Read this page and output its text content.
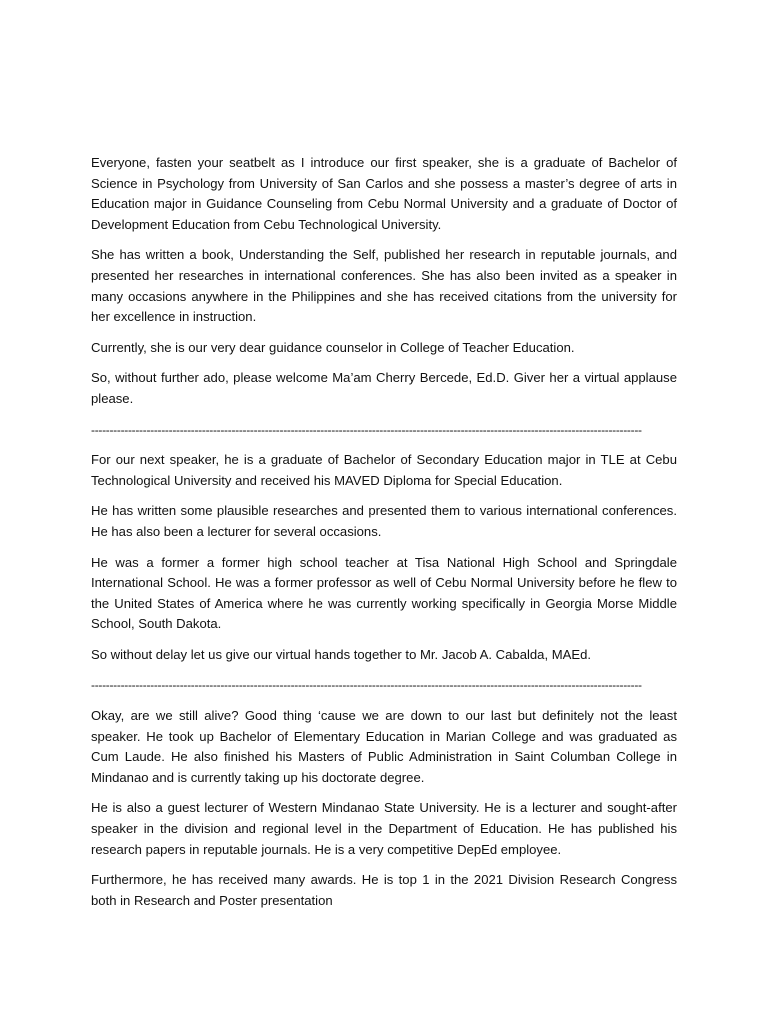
Everyone, fasten your seatbelt as I introduce our first speaker, she is a graduate of Bachelor of Science in Psychology from University of San Carlos and she possess a master’s degree of arts in Education major in Guidance Counseling from Cebu Normal University and a graduate of Doctor of Development Education from Cebu Technological University.

She has written a book, Understanding the Self, published her research in reputable journals, and presented her researches in international conferences. She has also been invited as a speaker in many occasions anywhere in the Philippines and she has received citations from the university for her excellence in instruction.

Currently, she is our very dear guidance counselor in College of Teacher Education.

So, without further ado, please welcome Ma’am Cherry Bercede, Ed.D. Giver her a virtual applause please.

-----------------------------------------------------------------------------------------------------------------------------------------------------

For our next speaker, he is a graduate of Bachelor of Secondary Education major in TLE at Cebu Technological University and received his MAVED Diploma for Special Education.

He has written some plausible researches and presented them to various international conferences. He has also been a lecturer for several occasions.

He was a former a former high school teacher at Tisa National High School and Springdale International School. He was a former professor as well of Cebu Normal University before he flew to the United States of America where he was currently working specifically in Georgia Morse Middle School, South Dakota.

So without delay let us give our virtual hands together to Mr. Jacob A. Cabalda, MAEd.

-----------------------------------------------------------------------------------------------------------------------------------------------------

Okay, are we still alive? Good thing ‘cause we are down to our last but definitely not the least speaker. He took up Bachelor of Elementary Education in Marian College and was graduated as Cum Laude. He also finished his Masters of Public Administration in Saint Columban College in Mindanao and is currently taking up his doctorate degree.

He is also a guest lecturer of Western Mindanao State University. He is a lecturer and sought-after speaker in the division and regional level in the Department of Education. He has published his research papers in reputable journals. He is a very competitive DepEd employee.

Furthermore, he has received many awards. He is top 1 in the 2021 Division Research Congress both in Research and Poster presentation
